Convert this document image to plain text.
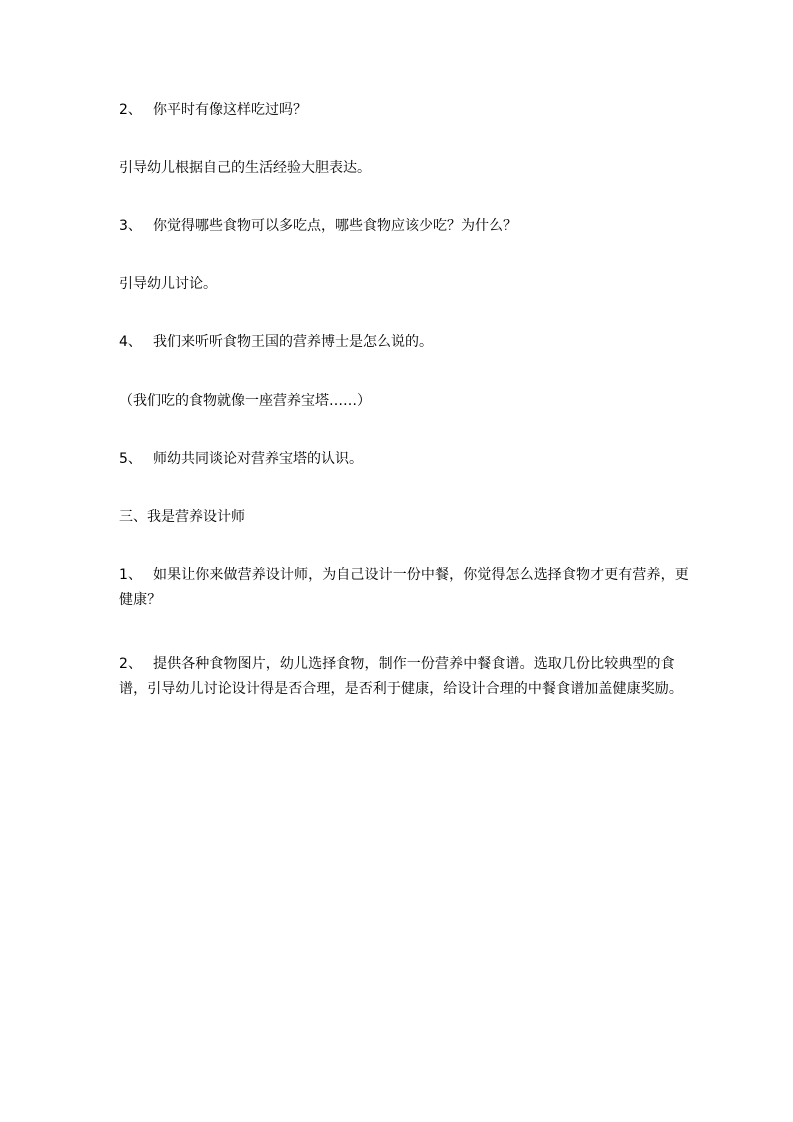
2、 你平时有像这样吃过吗？
引导幼儿根据自己的生活经验大胆表达。
3、 你觉得哪些食物可以多吃点，哪些食物应该少吃？为什么？
引导幼儿讨论。
4、 我们来听听食物王国的营养博士是怎么说的。
（我们吃的食物就像一座营养宝塔……）
5、 师幼共同谈论对营养宝塔的认识。
三、我是营养设计师
1、 如果让你来做营养设计师，为自己设计一份中餐，你觉得怎么选择食物才更有营养，更健康？
2、 提供各种食物图片，幼儿选择食物，制作一份营养中餐食谱。选取几份比较典型的食谱，引导幼儿讨论设计得是否合理，是否利于健康，给设计合理的中餐食谱加盖健康奖励。
